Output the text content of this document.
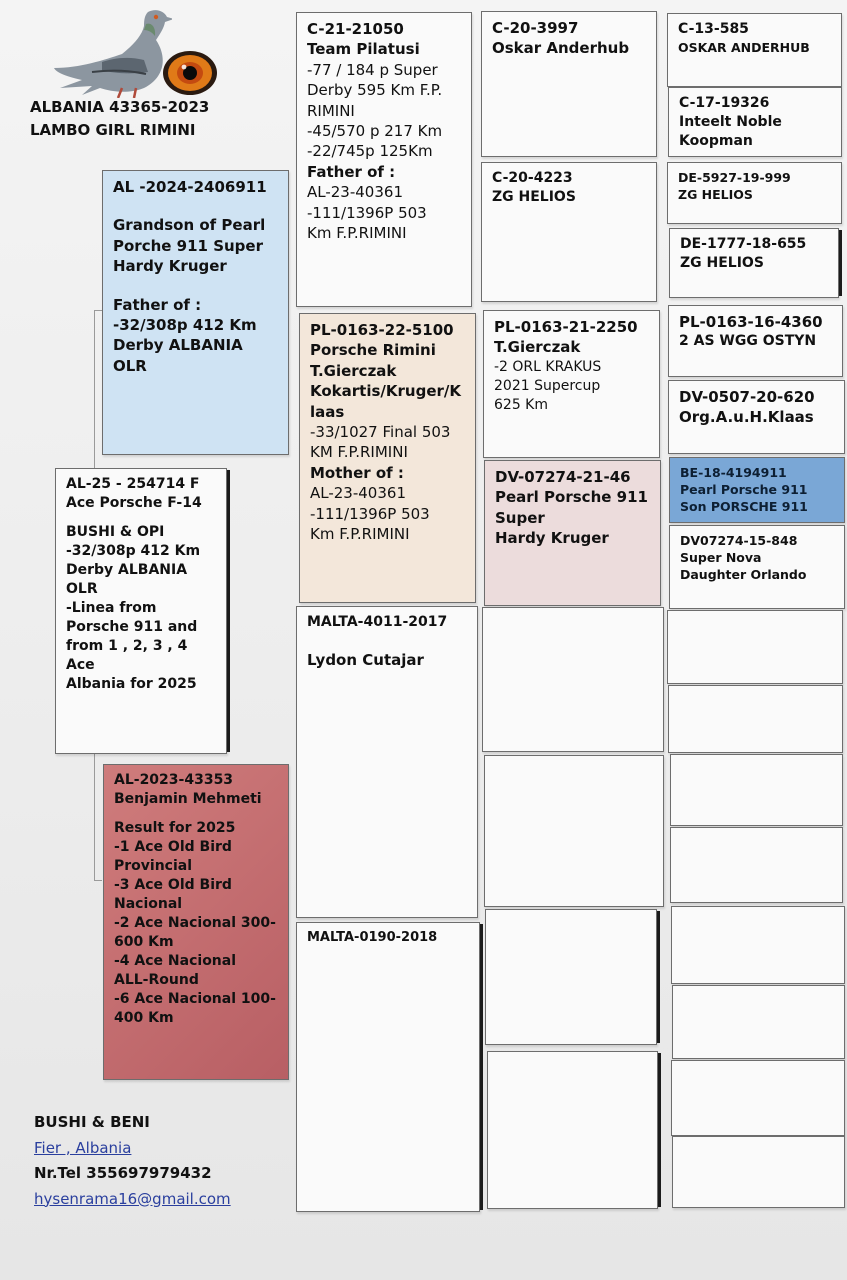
ALBANIA 43365-2023
LAMBO GIRL RIMINI
AL-25 - 254714 F
Ace Porsche F-14
BUSHI & OPI
-32/308p 412 Km
Derby ALBANIA
OLR
-Linea from
Porsche 911 and
from 1 , 2, 3 , 4 Ace
Albania for 2025
AL -2024-2406911
Grandson of Pearl
Porche 911 Super
Hardy Kruger
Father of :
-32/308p 412 Km
Derby ALBANIA
OLR
AL-2023-43353
Benjamin Mehmeti
Result for 2025
-1 Ace Old Bird
Provincial
-3 Ace Old Bird
Nacional
-2 Ace Nacional 300-
600 Km
-4 Ace Nacional
ALL-Round
-6 Ace Nacional 100-
400 Km
C-21-21050
Team Pilatusi
-77 / 184 p Super
Derby 595 Km F.P.
RIMINI
-45/570 p 217 Km
-22/745p 125Km
Father of :
AL-23-40361
-111/1396P 503
Km F.P.RIMINI
PL-0163-22-5100
Porsche Rimini
T.Gierczak
Kokartis/Kruger/K
laas
-33/1027 Final 503
KM F.P.RIMINI
Mother of :
AL-23-40361
-111/1396P 503
Km F.P.RIMINI
MALTA-4011-2017
Lydon Cutajar
MALTA-0190-2018
C-20-3997
Oskar Anderhub
C-20-4223
ZG HELIOS
PL-0163-21-2250
T.Gierczak
-2 ORL KRAKUS
2021 Supercup
625 Km
DV-07274-21-46
Pearl Porsche 911
Super
Hardy Kruger
C-13-585
OSKAR ANDERHUB
C-17-19326
Inteelt Noble
Koopman
DE-5927-19-999
ZG HELIOS
DE-1777-18-655
ZG HELIOS
PL-0163-16-4360
2 AS WGG OSTYN
DV-0507-20-620
Org.A.u.H.Klaas
BE-18-4194911
Pearl Porsche 911
Son PORSCHE 911
DV07274-15-848
Super Nova
Daughter Orlando
BUSHI & BENI
Fier , Albania
Nr.Tel 355697979432
hysenrama16@gmail.com
